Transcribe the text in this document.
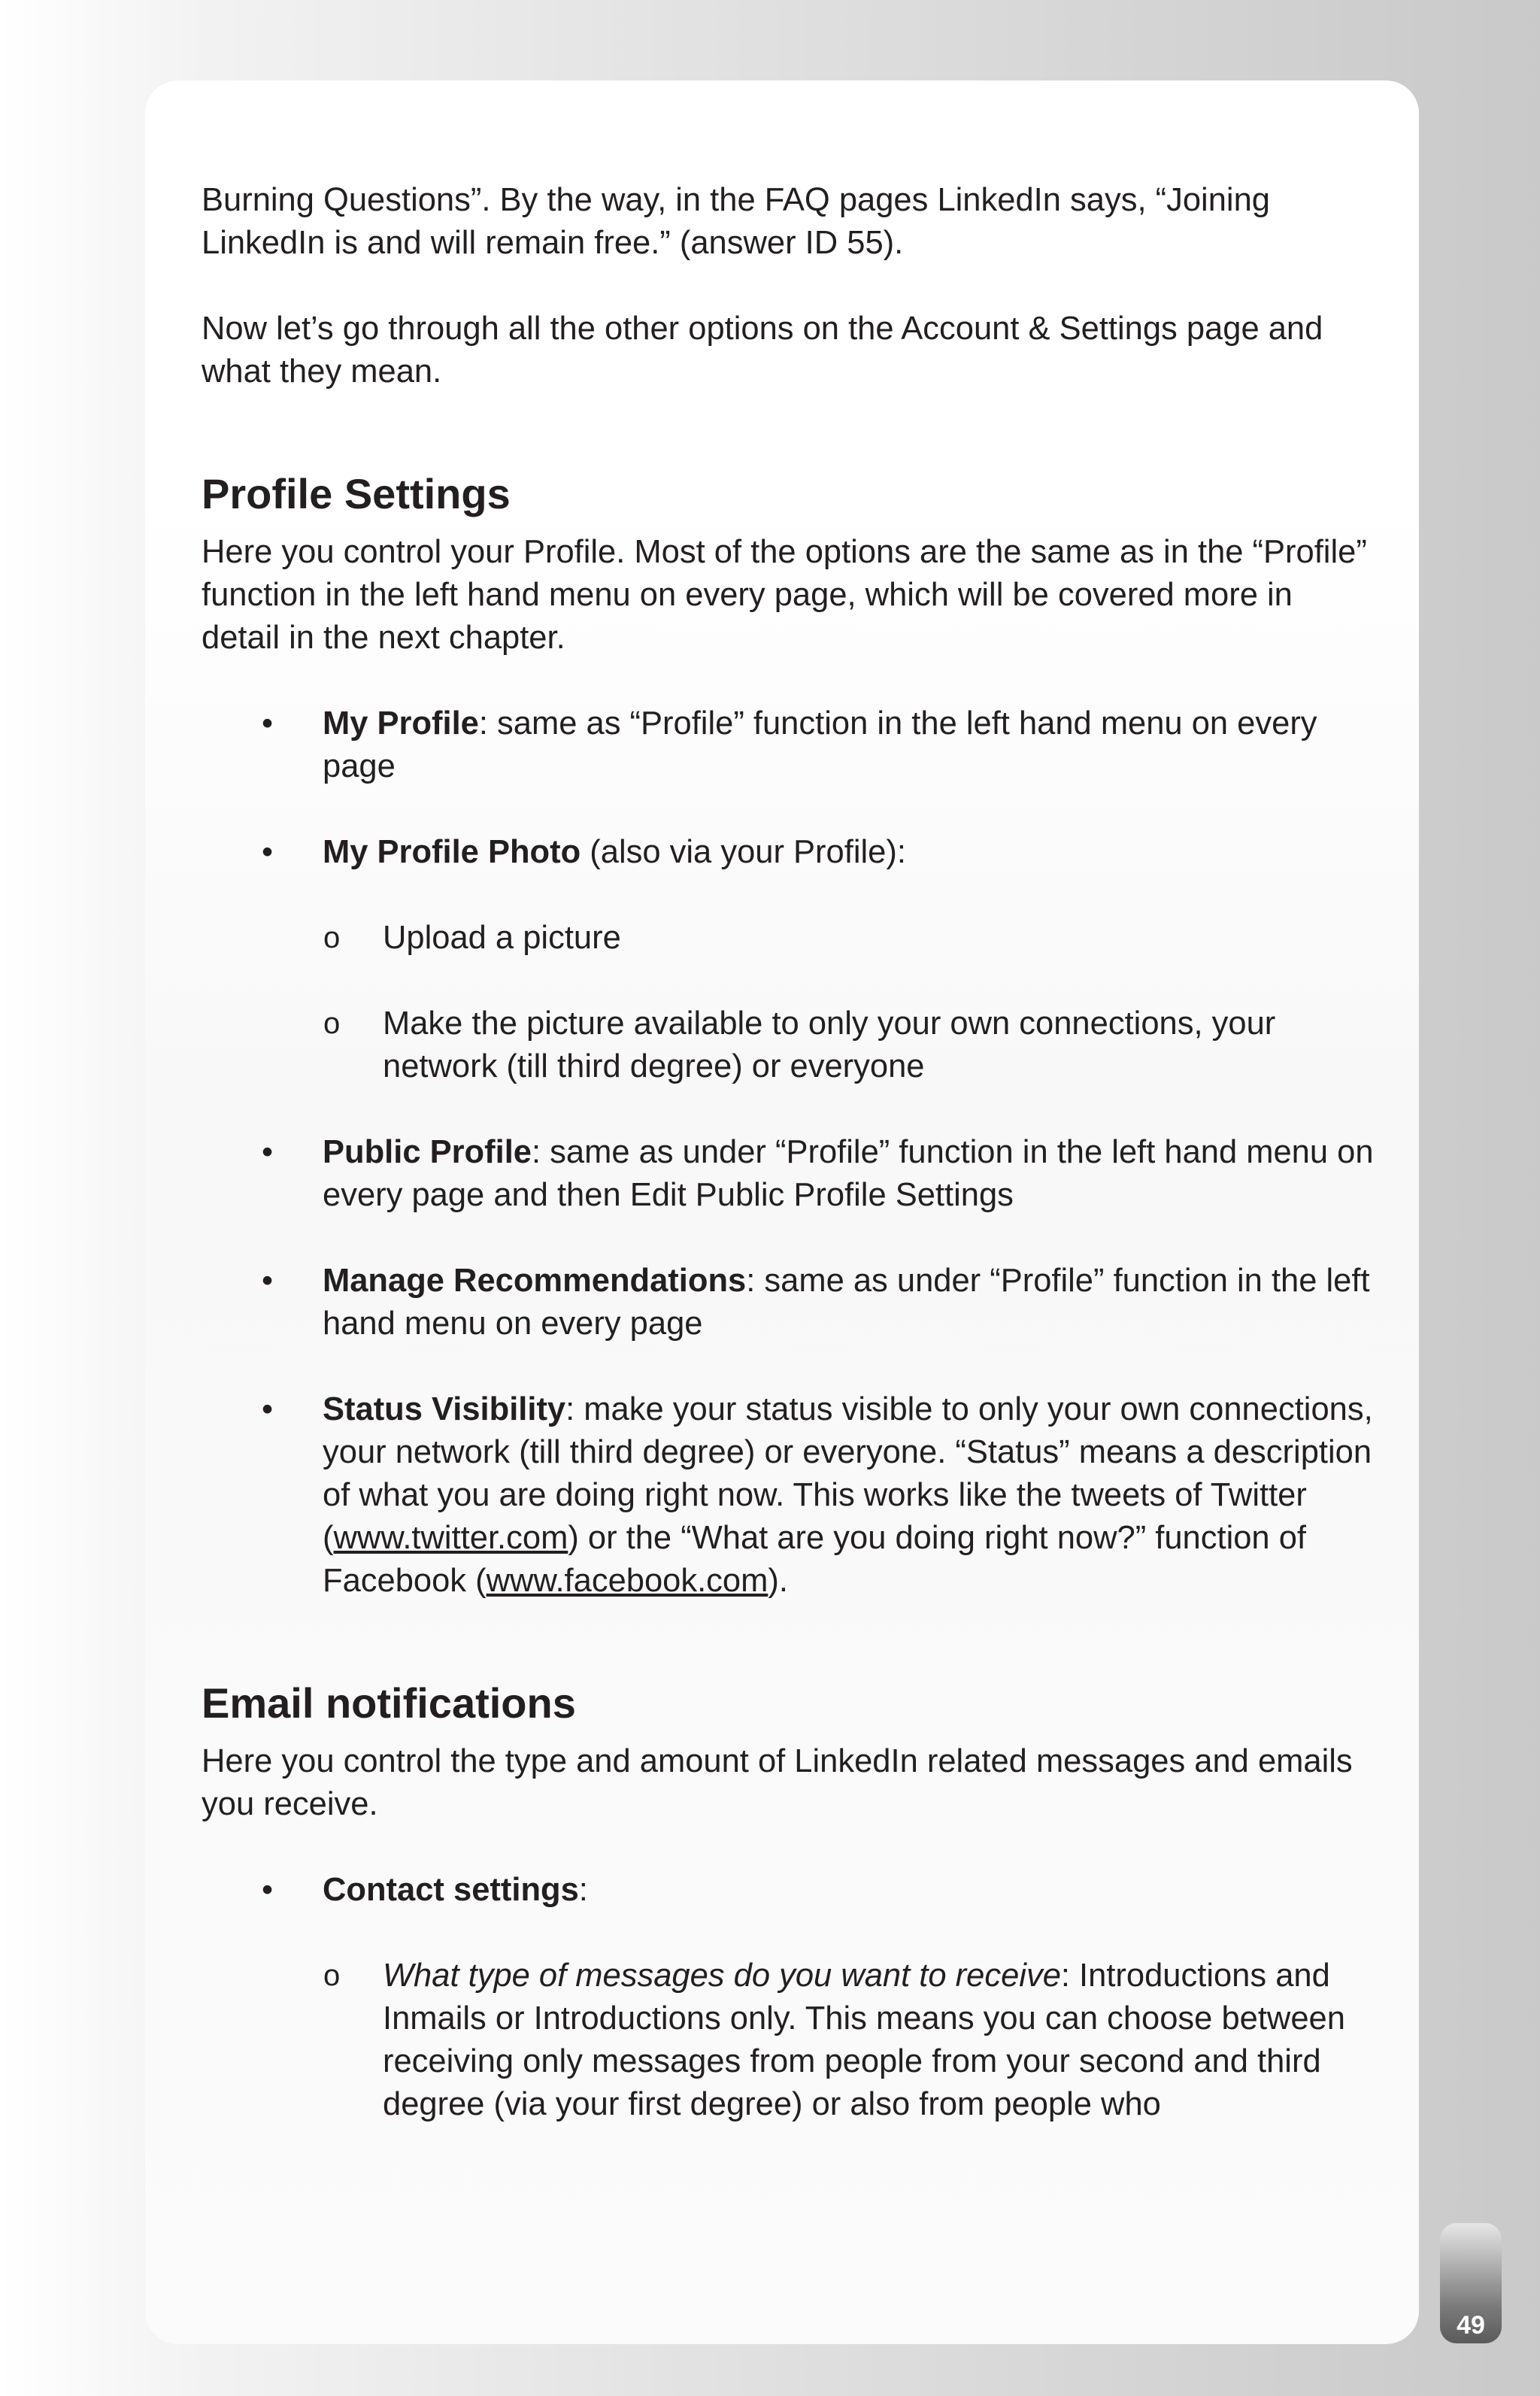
Burning Questions”. By the way, in the FAQ pages LinkedIn says, “Joining LinkedIn is and will remain free.” (answer ID 55).

Now let’s go through all the other options on the Account & Settings page and what they mean.

Profile Settings

Here you control your Profile. Most of the options are the same as in the “Profile” function in the left hand menu on every page, which will be covered more in detail in the next chapter.

• My Profile: same as “Profile” function in the left hand menu on every page
• My Profile Photo (also via your Profile):
o Upload a picture
o Make the picture available to only your own connections, your network (till third degree) or everyone
• Public Profile: same as under “Profile” function in the left hand menu on every page and then Edit Public Profile Settings
• Manage Recommendations: same as under “Profile” function in the left hand menu on every page
• Status Visibility: make your status visible to only your own connections, your network (till third degree) or everyone. “Status” means a description of what you are doing right now. This works like the tweets of Twitter (www.twitter.com) or the “What are you doing right now?” function of Facebook (www.facebook.com).
Email notifications

Here you control the type and amount of LinkedIn related messages and emails you receive.

• Contact settings:
o What type of messages do you want to receive: Introductions and Inmails or Introductions only. This means you can choose between receiving only messages from people from your second and third degree (via your first degree) or also from people who
49
